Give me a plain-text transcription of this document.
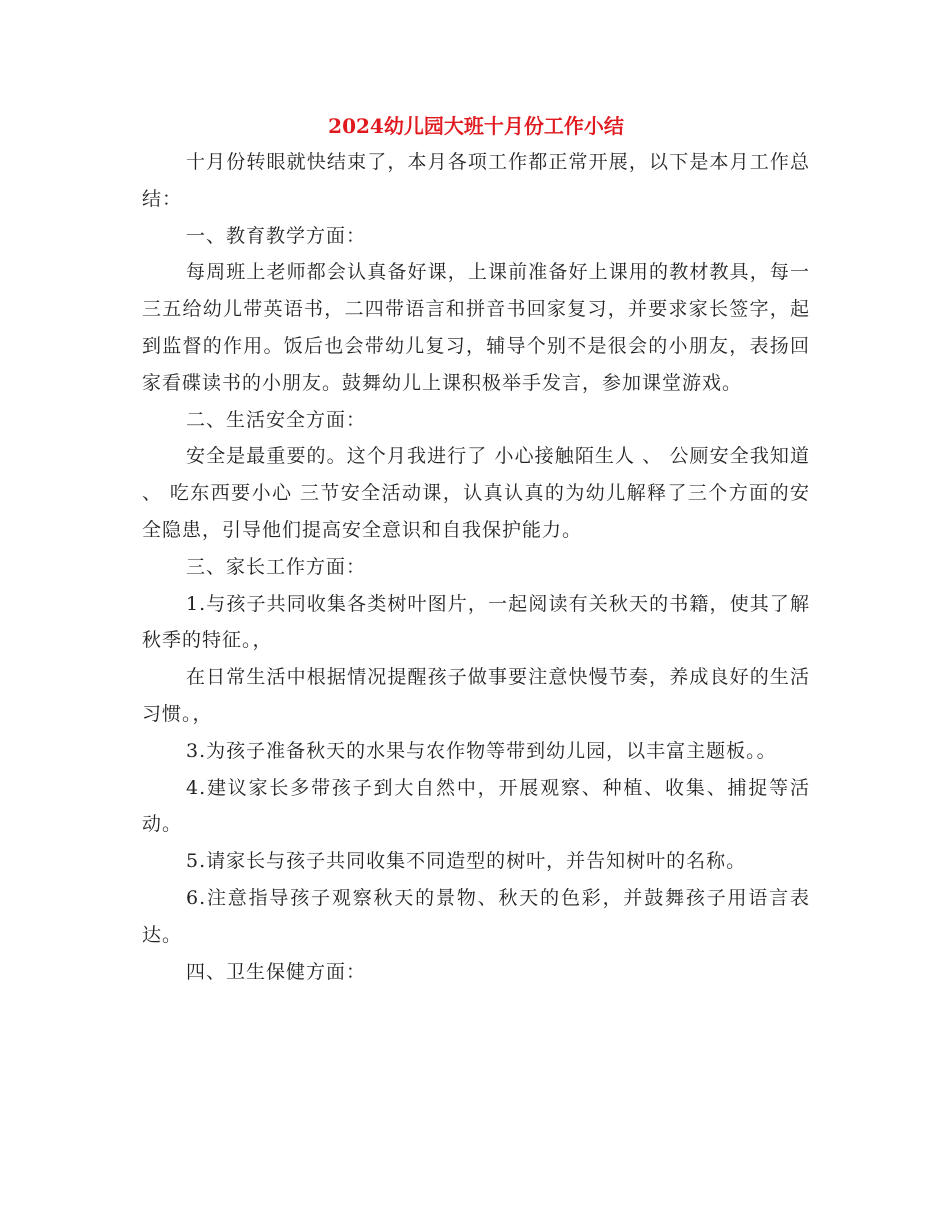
2024幼儿园大班十月份工作小结

十月份转眼就快结束了，本月各项工作都正常开展，以下是本月工作总结：

一、教育教学方面：

每周班上老师都会认真备好课，上课前准备好上课用的教材教具，每一三五给幼儿带英语书，二四带语言和拼音书回家复习，并要求家长签字，起到监督的作用。饭后也会带幼儿复习，辅导个别不是很会的小朋友，表扬回家看碟读书的小朋友。鼓舞幼儿上课积极举手发言，参加课堂游戏。

二、生活安全方面：

安全是最重要的。这个月我进行了 小心接触陌生人 、 公厕安全我知道 、 吃东西要小心 三节安全活动课，认真认真的为幼儿解释了三个方面的安全隐患，引导他们提高安全意识和自我保护能力。

三、家长工作方面：

1.与孩子共同收集各类树叶图片，一起阅读有关秋天的书籍，使其了解秋季的特征。，

在日常生活中根据情况提醒孩子做事要注意快慢节奏，养成良好的生活习惯。，

3.为孩子准备秋天的水果与农作物等带到幼儿园，以丰富主题板。。

4.建议家长多带孩子到大自然中，开展观察、种植、收集、捕捉等活动。

5.请家长与孩子共同收集不同造型的树叶，并告知树叶的名称。

6.注意指导孩子观察秋天的景物、秋天的色彩，并鼓舞孩子用语言表达。

四、卫生保健方面：
